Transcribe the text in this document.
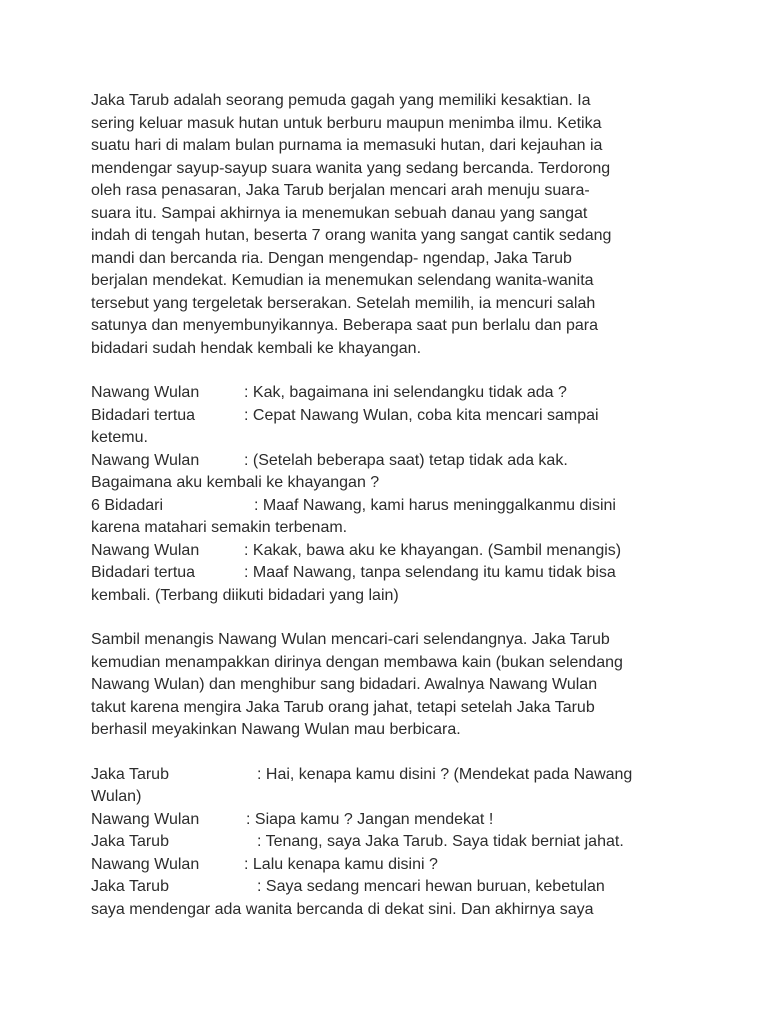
Jaka Tarub adalah seorang pemuda gagah yang memiliki kesaktian. Ia
sering keluar masuk hutan untuk berburu maupun menimba ilmu. Ketika
suatu hari di malam bulan purnama ia memasuki hutan, dari kejauhan ia
mendengar sayup-sayup suara wanita yang sedang bercanda. Terdorong
oleh rasa penasaran, Jaka Tarub berjalan mencari arah menuju suara-
suara itu. Sampai akhirnya ia menemukan sebuah danau yang sangat
indah di tengah hutan, beserta 7 orang wanita yang sangat cantik sedang
mandi dan bercanda ria. Dengan mengendap- ngendap, Jaka Tarub
berjalan mendekat. Kemudian ia menemukan selendang wanita-wanita
tersebut yang tergeletak berserakan. Setelah memilih, ia mencuri salah
satunya dan menyembunyikannya. Beberapa saat pun berlalu dan para
bidadari sudah hendak kembali ke khayangan.

Nawang Wulan	: Kak, bagaimana ini selendangku tidak ada ?
Bidadari tertua	: Cepat Nawang Wulan, coba kita mencari sampai
ketemu.
Nawang Wulan	: (Setelah beberapa saat) tetap tidak ada kak.
Bagaimana aku kembali ke khayangan ?
6 Bidadari	: Maaf Nawang, kami harus meninggalkanmu disini
karena matahari semakin terbenam.
Nawang Wulan	: Kakak, bawa aku ke khayangan. (Sambil menangis)
Bidadari tertua	: Maaf Nawang, tanpa selendang itu kamu tidak bisa
kembali. (Terbang diikuti bidadari yang lain)

Sambil menangis Nawang Wulan mencari-cari selendangnya. Jaka Tarub
kemudian menampakkan dirinya dengan membawa kain (bukan selendang
Nawang Wulan) dan menghibur sang bidadari. Awalnya Nawang Wulan
takut karena mengira Jaka Tarub orang jahat, tetapi setelah Jaka Tarub
berhasil meyakinkan Nawang Wulan mau berbicara.

Jaka Tarub	: Hai, kenapa kamu disini ? (Mendekat pada Nawang
Wulan)
Nawang Wulan	: Siapa kamu ? Jangan mendekat !
Jaka Tarub	: Tenang, saya Jaka Tarub. Saya tidak berniat jahat.
Nawang Wulan	: Lalu kenapa kamu disini ?
Jaka Tarub	: Saya sedang mencari hewan buruan, kebetulan
saya mendengar ada wanita bercanda di dekat sini. Dan akhirnya saya
